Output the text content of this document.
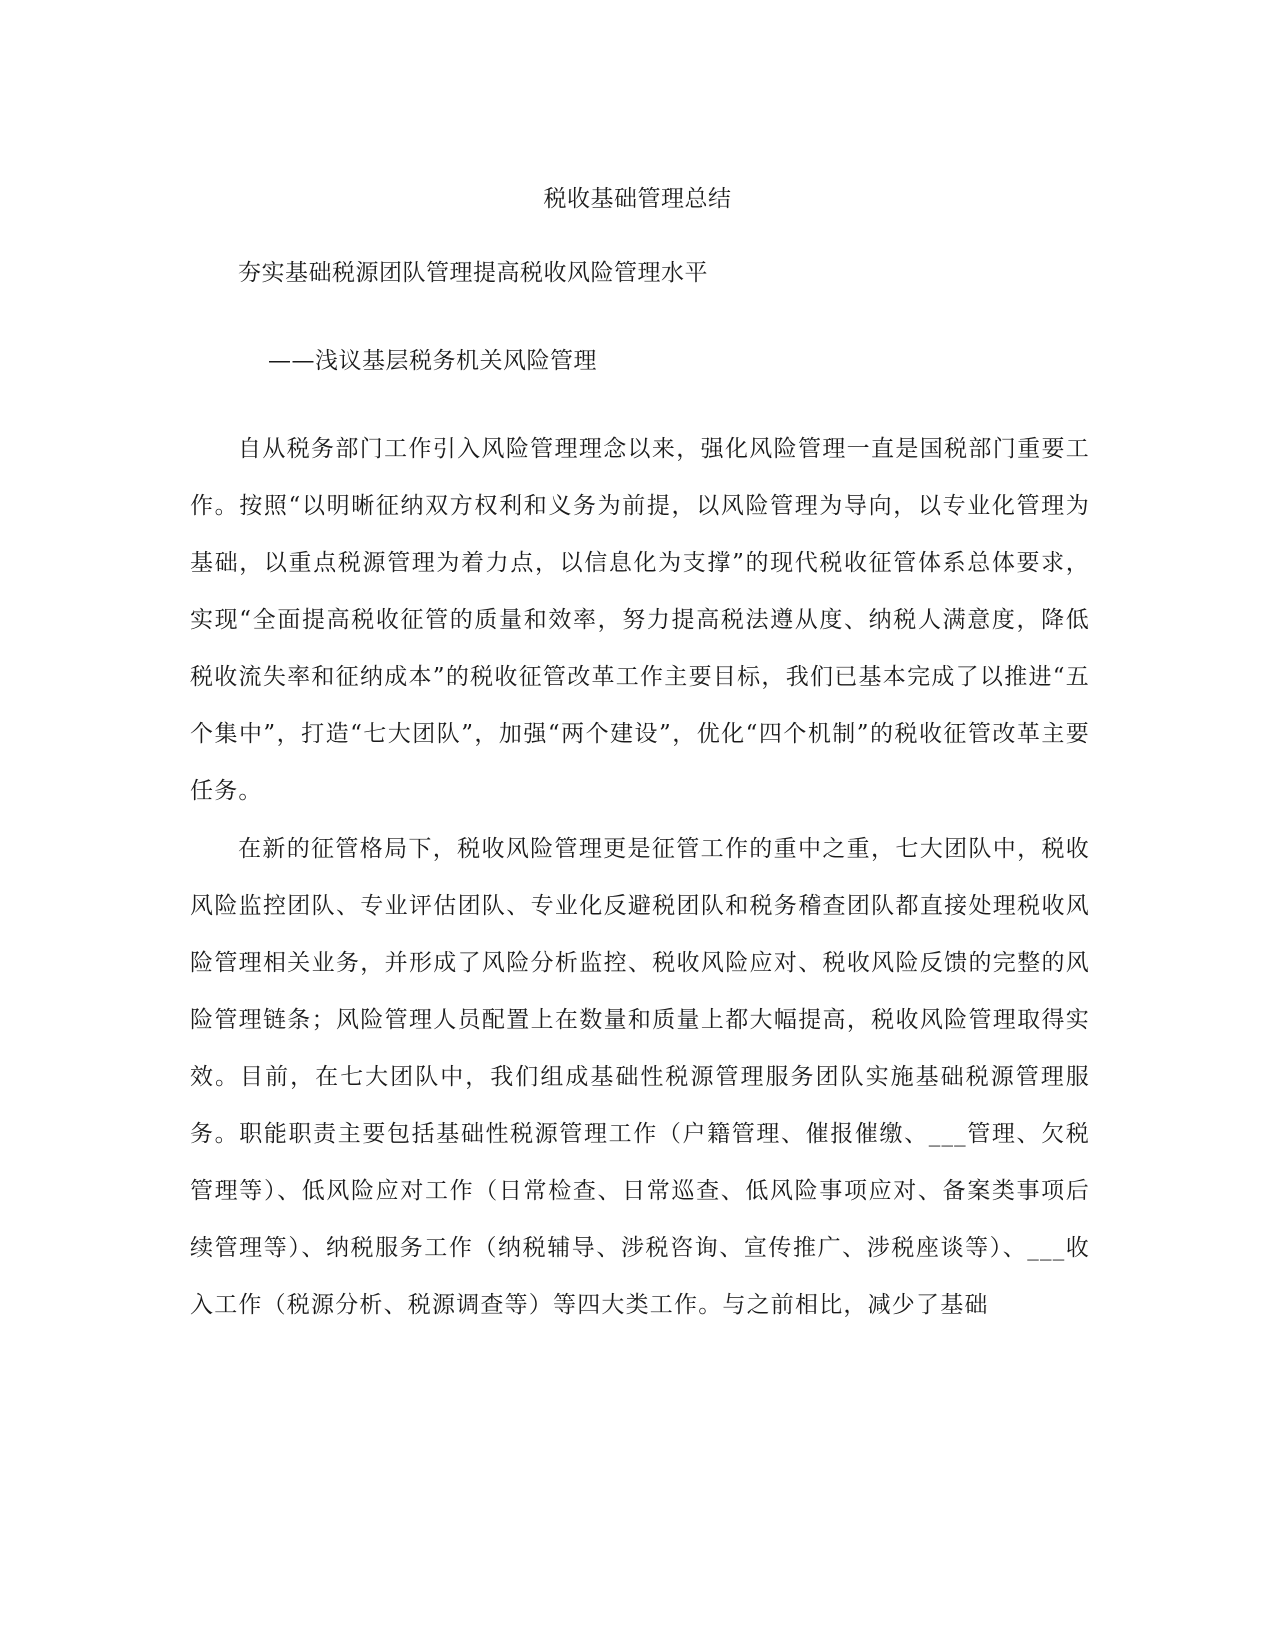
税收基础管理总结
夯实基础税源团队管理提高税收风险管理水平
——浅议基层税务机关风险管理

自从税务部门工作引入风险管理理念以来，强化风险管理一直是国税部门重要工作。按照“以明晰征纳双方权利和义务为前提，以风险管理为导向，以专业化管理为基础，以重点税源管理为着力点，以信息化为支撑”的现代税收征管体系总体要求，实现“全面提高税收征管的质量和效率，努力提高税法遵从度、纳税人满意度，降低税收流失率和征纳成本”的税收征管改革工作主要目标，我们已基本完成了以推进“五个集中”，打造“七大团队”，加强“两个建设”，优化“四个机制”的税收征管改革主要任务。

在新的征管格局下，税收风险管理更是征管工作的重中之重，七大团队中，税收风险监控团队、专业评估团队、专业化反避税团队和税务稽查团队都直接处理税收风险管理相关业务，并形成了风险分析监控、税收风险应对、税收风险反馈的完整的风险管理链条；风险管理人员配置上在数量和质量上都大幅提高，税收风险管理取得实效。目前，在七大团队中，我们组成基础性税源管理服务团队实施基础税源管理服务。职能职责主要包括基础性税源管理工作（户籍管理、催报催缴、___管理、欠税管理等）、低风险应对工作（日常检查、日常巡查、低风险事项应对、备案类事项后续管理等）、纳税服务工作（纳税辅导、涉税咨询、宣传推广、涉税座谈等）、___收入工作（税源分析、税源调查等）等四大类工作。与之前相比，减少了基础
